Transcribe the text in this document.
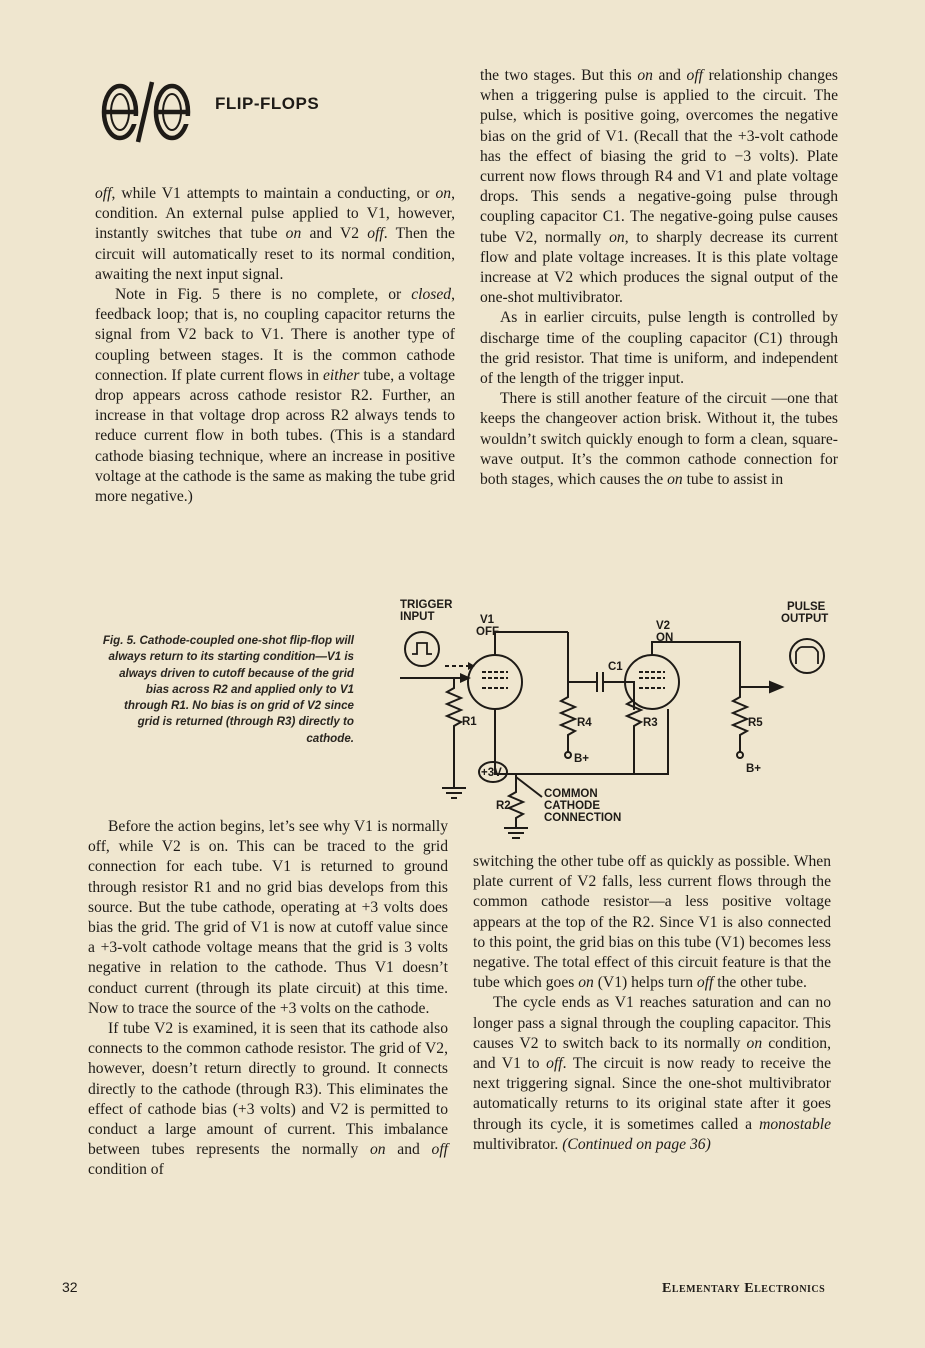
FLIP-FLOPS

off, while V1 attempts to maintain a conducting, or on, condition. An external pulse applied to V1, however, instantly switches that tube on and V2 off. Then the circuit will automatically reset to its normal condition, awaiting the next input signal.

Note in Fig. 5 there is no complete, or closed, feedback loop; that is, no coupling capacitor returns the signal from V2 back to V1. There is another type of coupling between stages. It is the common cathode connection. If plate current flows in either tube, a voltage drop appears across cathode resistor R2. Further, an increase in that voltage drop across R2 always tends to reduce current flow in both tubes. (This is a standard cathode biasing technique, where an increase in positive voltage at the cathode is the same as making the tube grid more negative.)

Fig. 5. Cathode-coupled one-shot flip-flop will always return to its starting condition—V1 is always driven to cutoff because of the grid bias across R2 and applied only to V1 through R1. No bias is on grid of V2 since grid is returned (through R3) directly to cathode.
TRIGGER
INPUT
PULSE
OUTPUT
V1
OFF	V2
ON
C1
R1	R4	R3	R5
B+
B+
+3V
R2
COMMON
CATHODE
CONNECTION

Before the action begins, let’s see why V1 is normally off, while V2 is on. This can be traced to the grid connection for each tube. V1 is returned to ground through resistor R1 and no grid bias develops from this source. But the tube cathode, operating at +3 volts does bias the grid. The grid of V1 is now at cutoff value since a +3-volt cathode voltage means that the grid is 3 volts negative in relation to the cathode. Thus V1 doesn’t conduct current (through its plate circuit) at this time. Now to trace the source of the +3 volts on the cathode.

If tube V2 is examined, it is seen that its cathode also connects to the common cathode resistor. The grid of V2, however, doesn’t return directly to ground. It connects directly to the cathode (through R3). This eliminates the effect of cathode bias (+3 volts) and V2 is permitted to conduct a large amount of current. This imbalance between tubes represents the normally on and off condition of

the two stages. But this on and off relationship changes when a triggering pulse is applied to the circuit. The pulse, which is positive going, overcomes the negative bias on the grid of V1. (Recall that the +3-volt cathode has the effect of biasing the grid to −3 volts). Plate current now flows through R4 and V1 and plate voltage drops. This sends a negative-going pulse through coupling capacitor C1. The negative-going pulse causes tube V2, normally on, to sharply decrease its current flow and plate voltage increases. It is this plate voltage increase at V2 which produces the signal output of the one-shot multivibrator.

As in earlier circuits, pulse length is controlled by discharge time of the coupling capacitor (C1) through the grid resistor. That time is uniform, and independent of the length of the trigger input.

There is still another feature of the circuit —one that keeps the changeover action brisk. Without it, the tubes wouldn’t switch quickly enough to form a clean, square-wave output. It’s the common cathode connection for both stages, which causes the on tube to assist in

switching the other tube off as quickly as possible. When plate current of V2 falls, less current flows through the common cathode resistor—a less positive voltage appears at the top of the R2. Since V1 is also connected to this point, the grid bias on this tube (V1) becomes less negative. The total effect of this circuit feature is that the tube which goes on (V1) helps turn off the other tube.

The cycle ends as V1 reaches saturation and can no longer pass a signal through the coupling capacitor. This causes V2 to switch back to its normally on condition, and V1 to off. The circuit is now ready to receive the next triggering signal. Since the one-shot multivibrator automatically returns to its original state after it goes through its cycle, it is sometimes called a monostable multivibrator. (Continued on page 36)

32	Elementary Electronics
